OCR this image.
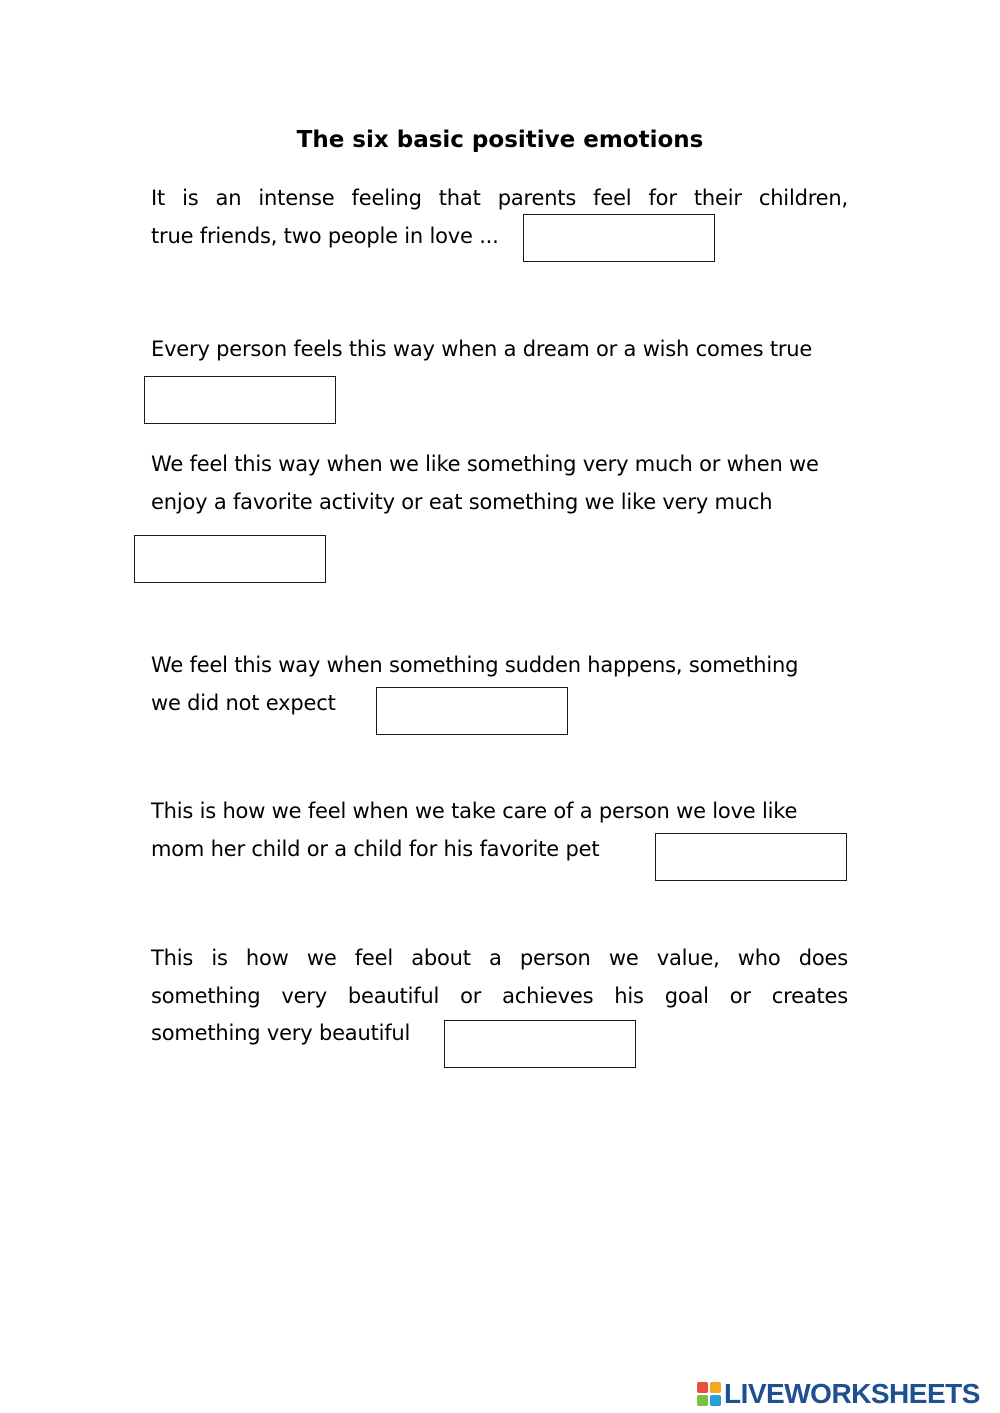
The six basic positive emotions

It is an intense feeling that parents feel for their children,
true friends, two people in love ...

Every person feels this way when a dream or a wish comes true

We feel this way when we like something very much or when we
enjoy a favorite activity or eat something we like very much

We feel this way when something sudden happens, something
we did not expect

This is how we feel when we take care of a person we love like
mom her child or a child for his favorite pet

This is how we feel about a person we value, who does
something very beautiful or achieves his goal or creates
something very beautiful

LIVEWORKSHEETS
